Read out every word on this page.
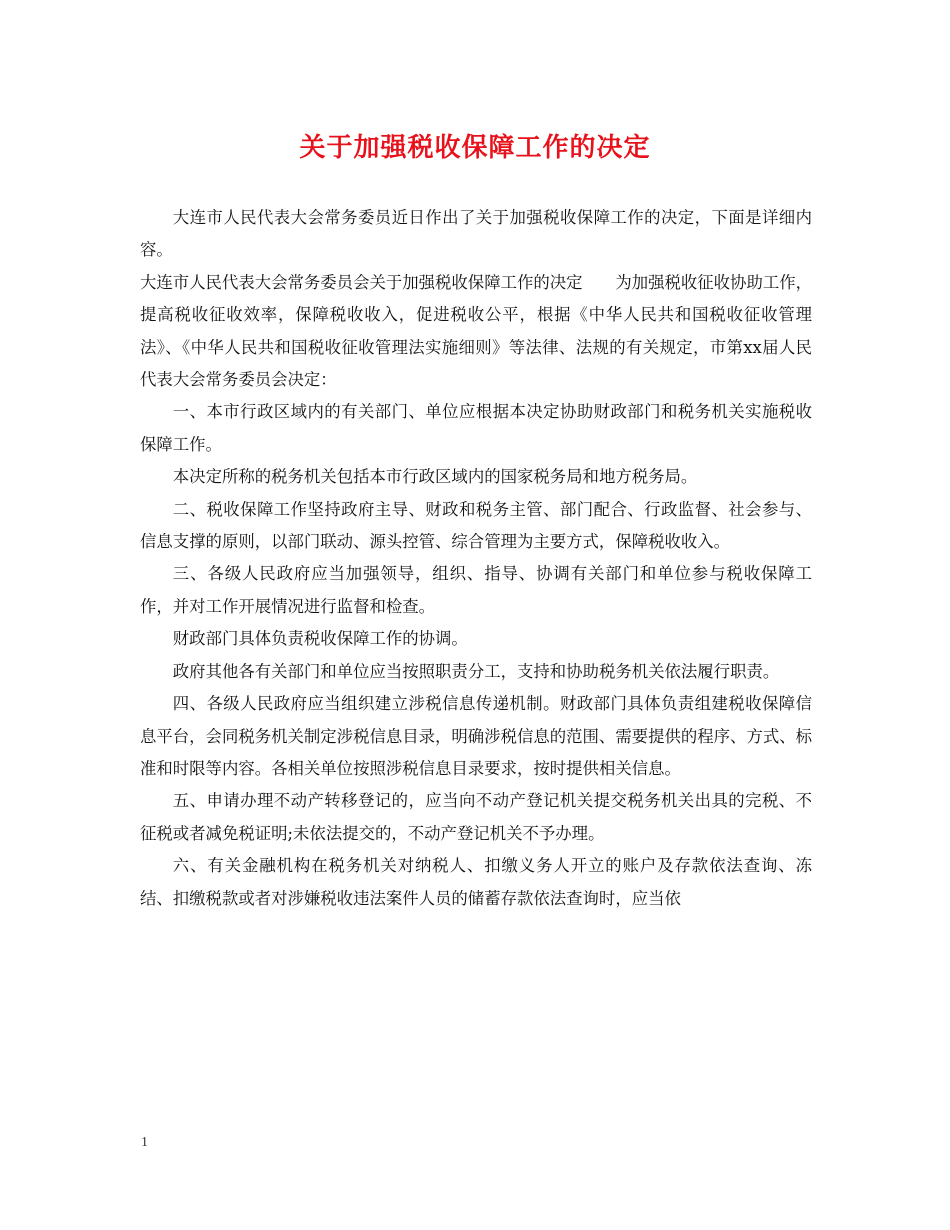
关于加强税收保障工作的决定

大连市人民代表大会常务委员近日作出了关于加强税收保障工作的决定，下面是详细内容。

大连市人民代表大会常务委员会关于加强税收保障工作的决定　　为加强税收征收协助工作，提高税收征收效率，保障税收收入，促进税收公平，根据《中华人民共和国税收征收管理法》、《中华人民共和国税收征收管理法实施细则》等法律、法规的有关规定，市第xx届人民代表大会常务委员会决定：

一、本市行政区域内的有关部门、单位应根据本决定协助财政部门和税务机关实施税收保障工作。

本决定所称的税务机关包括本市行政区域内的国家税务局和地方税务局。

二、税收保障工作坚持政府主导、财政和税务主管、部门配合、行政监督、社会参与、信息支撑的原则，以部门联动、源头控管、综合管理为主要方式，保障税收收入。

三、各级人民政府应当加强领导，组织、指导、协调有关部门和单位参与税收保障工作，并对工作开展情况进行监督和检查。

财政部门具体负责税收保障工作的协调。

政府其他各有关部门和单位应当按照职责分工，支持和协助税务机关依法履行职责。

四、各级人民政府应当组织建立涉税信息传递机制。财政部门具体负责组建税收保障信息平台，会同税务机关制定涉税信息目录，明确涉税信息的范围、需要提供的程序、方式、标准和时限等内容。各相关单位按照涉税信息目录要求，按时提供相关信息。

五、申请办理不动产转移登记的，应当向不动产登记机关提交税务机关出具的完税、不征税或者减免税证明;未依法提交的，不动产登记机关不予办理。

六、有关金融机构在税务机关对纳税人、扣缴义务人开立的账户及存款依法查询、冻结、扣缴税款或者对涉嫌税收违法案件人员的储蓄存款依法查询时，应当依

1
